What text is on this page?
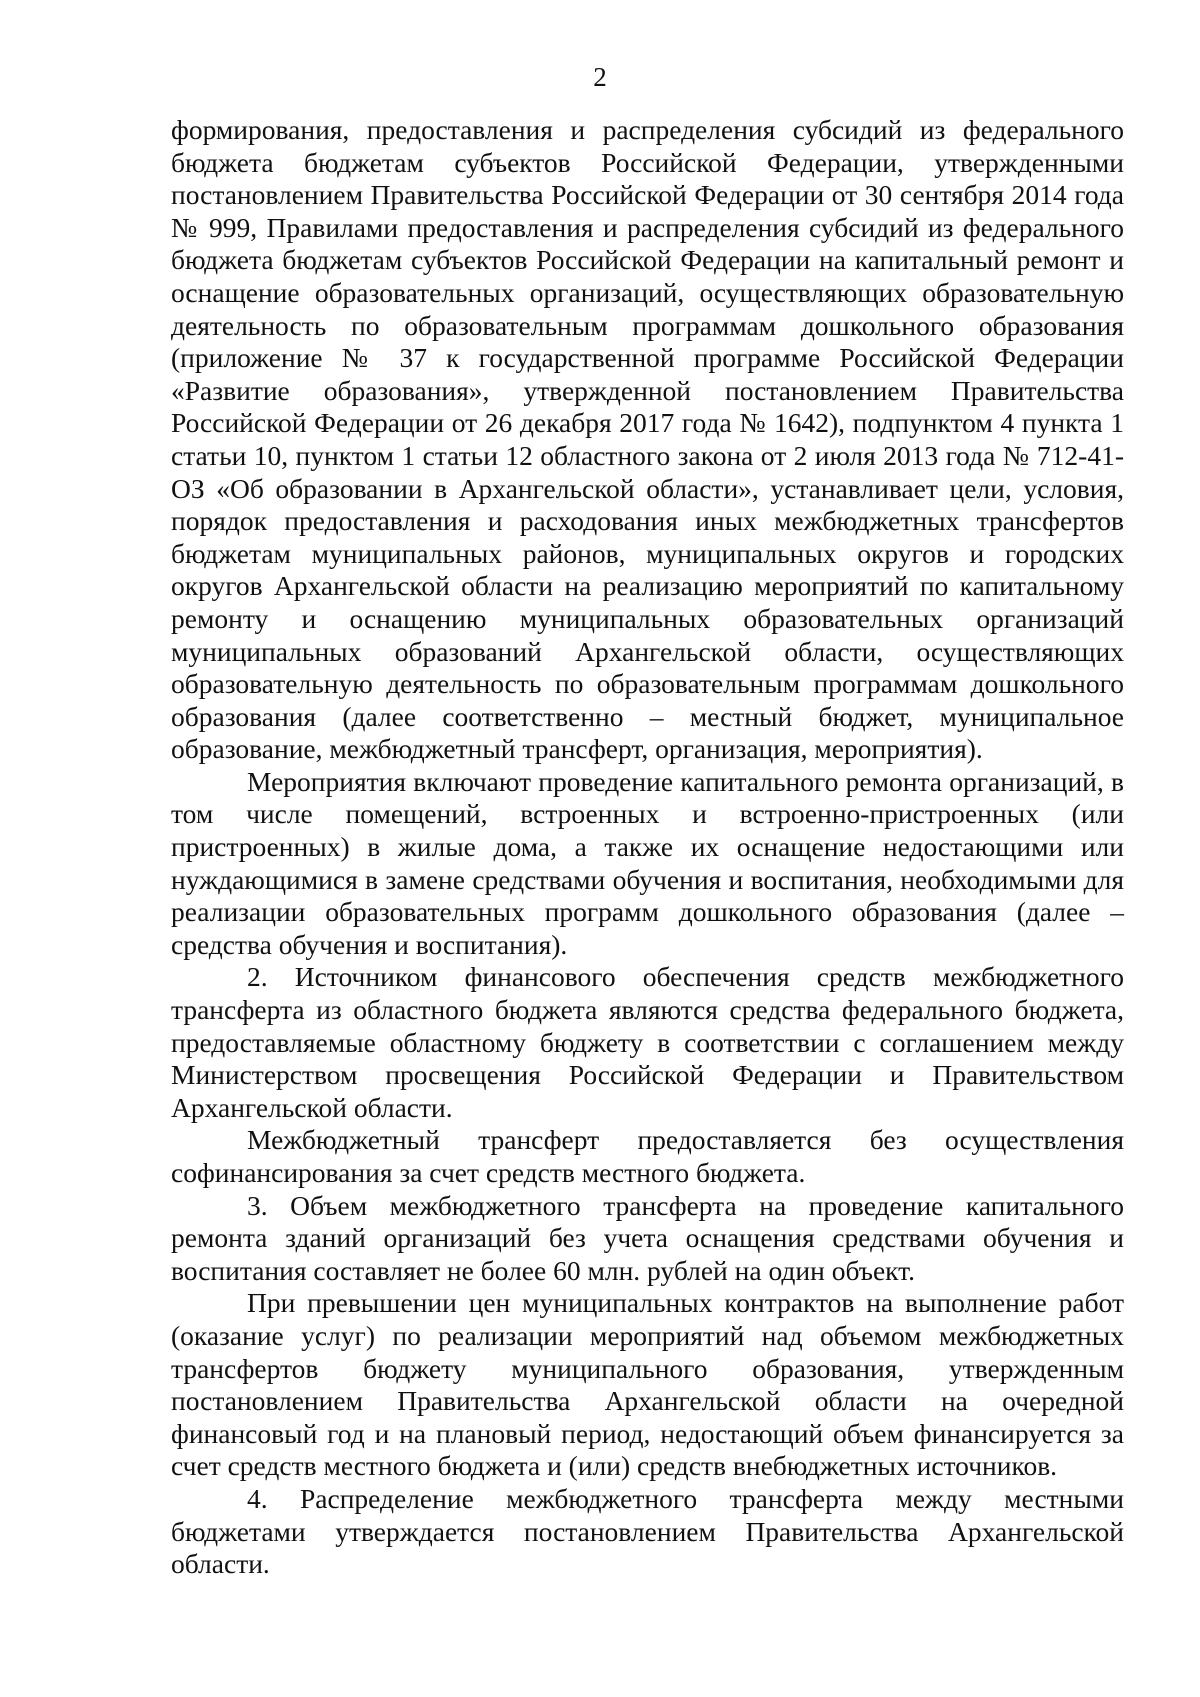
2

формирования, предоставления и распределения субсидий из федерального бюджета бюджетам субъектов Российской Федерации, утвержденными постановлением Правительства Российской Федерации от 30 сентября 2014 года № 999, Правилами предоставления и распределения субсидий из федерального бюджета бюджетам субъектов Российской Федерации на капитальный ремонт и оснащение образовательных организаций, осуществляющих образовательную деятельность по образовательным программам дошкольного образования (приложение № 37 к государственной программе Российской Федерации «Развитие образования», утвержденной постановлением Правительства Российской Федерации от 26 декабря 2017 года № 1642), подпунктом 4 пункта 1 статьи 10, пунктом 1 статьи 12 областного закона от 2 июля 2013 года № 712-41-ОЗ «Об образовании в Архангельской области», устанавливает цели, условия, порядок предоставления и расходования иных межбюджетных трансфертов бюджетам муниципальных районов, муниципальных округов и городских округов Архангельской области на реализацию мероприятий по капитальному ремонту и оснащению муниципальных образовательных организаций муниципальных образований Архангельской области, осуществляющих образовательную деятельность по образовательным программам дошкольного образования (далее соответственно – местный бюджет, муниципальное образование, межбюджетный трансферт, организация, мероприятия).

Мероприятия включают проведение капитального ремонта организаций, в том числе помещений, встроенных и встроенно-пристроенных (или пристроенных) в жилые дома, а также их оснащение недостающими или нуждающимися в замене средствами обучения и воспитания, необходимыми для реализации образовательных программ дошкольного образования (далее – средства обучения и воспитания).

2. Источником финансового обеспечения средств межбюджетного трансферта из областного бюджета являются средства федерального бюджета, предоставляемые областному бюджету в соответствии с соглашением между Министерством просвещения Российской Федерации и Правительством Архангельской области.

Межбюджетный трансферт предоставляется без осуществления софинансирования за счет средств местного бюджета.

3. Объем межбюджетного трансферта на проведение капитального ремонта зданий организаций без учета оснащения средствами обучения и воспитания составляет не более 60 млн. рублей на один объект.

При превышении цен муниципальных контрактов на выполнение работ (оказание услуг) по реализации мероприятий над объемом межбюджетных трансфертов бюджету муниципального образования, утвержденным постановлением Правительства Архангельской области на очередной финансовый год и на плановый период, недостающий объем финансируется за счет средств местного бюджета и (или) средств внебюджетных источников.

4. Распределение межбюджетного трансферта между местными бюджетами утверждается постановлением Правительства Архангельской области.
